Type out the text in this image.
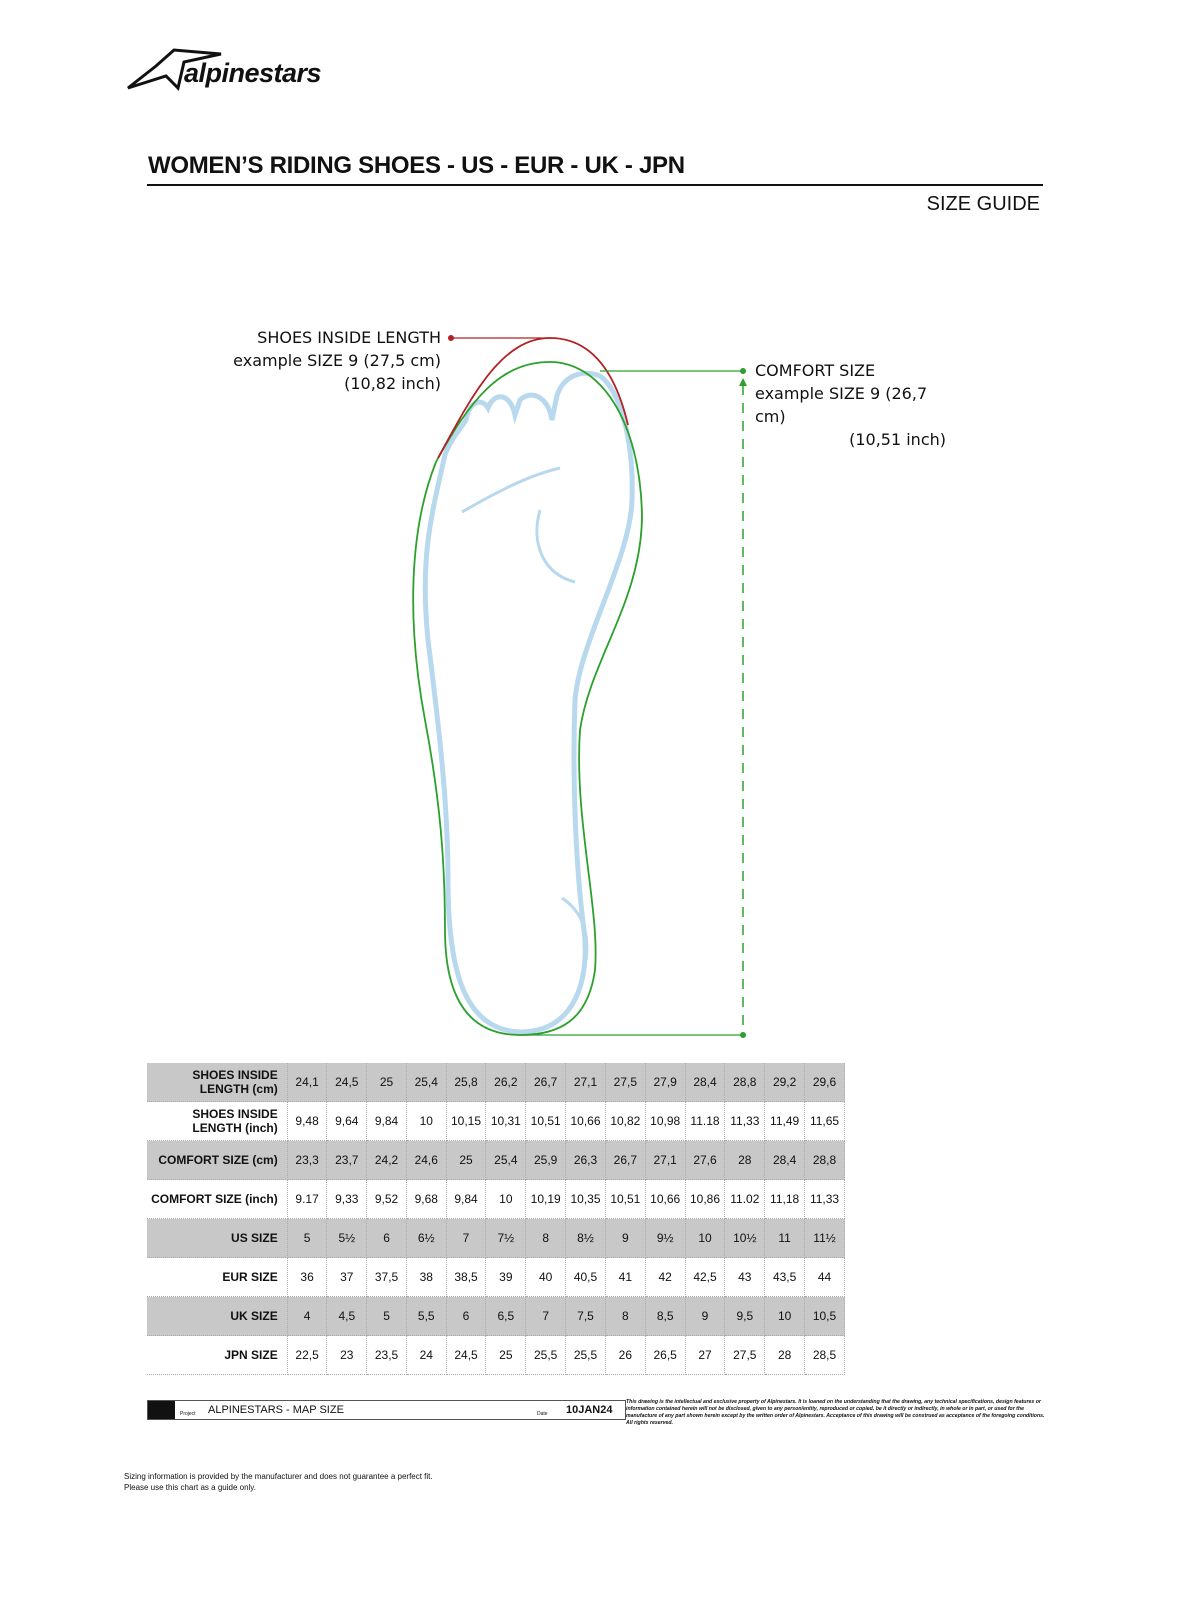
alpinestars
WOMEN’S RIDING SHOES - US - EUR - UK - JPN
SIZE GUIDE
SHOES INSIDE LENGTH
example SIZE 9 (27,5 cm)
(10,82 inch)
COMFORT SIZE
example SIZE 9 (26,7 cm)
(10,51 inch)
SHOES INSIDE LENGTH (cm)	24,1	24,5	25	25,4	25,8	26,2	26,7	27,1	27,5	27,9	28,4	28,8	29,2	29,6
SHOES INSIDE LENGTH (inch)	9,48	9,64	9,84	10	10,15	10,31	10,51	10,66	10,82	10,98	11.18	11,33	11,49	11,65
COMFORT SIZE (cm)	23,3	23,7	24,2	24,6	25	25,4	25,9	26,3	26,7	27,1	27,6	28	28,4	28,8
COMFORT SIZE (inch)	9.17	9,33	9,52	9,68	9,84	10	10,19	10,35	10,51	10,66	10,86	11.02	11,18	11,33
US SIZE	5	5½	6	6½	7	7½	8	8½	9	9½	10	10½	11	11½
EUR SIZE	36	37	37,5	38	38,5	39	40	40,5	41	42	42,5	43	43,5	44
UK SIZE	4	4,5	5	5,5	6	6,5	7	7,5	8	8,5	9	9,5	10	10,5
JPN SIZE	22,5	23	23,5	24	24,5	25	25,5	25,5	26	26,5	27	27,5	28	28,5
Project ALPINESTARS - MAP SIZE	Date 10JAN24
This drawing is the intellectual and exclusive property of Alpinestars. It is loaned on the understanding that the drawing, any technical specifications, design features or information contained herein will not be disclosed, given to any person/entity, reproduced or copied, be it directly or indirectly, in whole or in part, or used for the manufacture of any part shown herein except by the written order of Alpinestars. Acceptance of this drawing will be construed as acceptance of the foregoing conditions. All rights reserved.
Sizing information is provided by the manufacturer and does not guarantee a perfect fit.
Please use this chart as a guide only.
